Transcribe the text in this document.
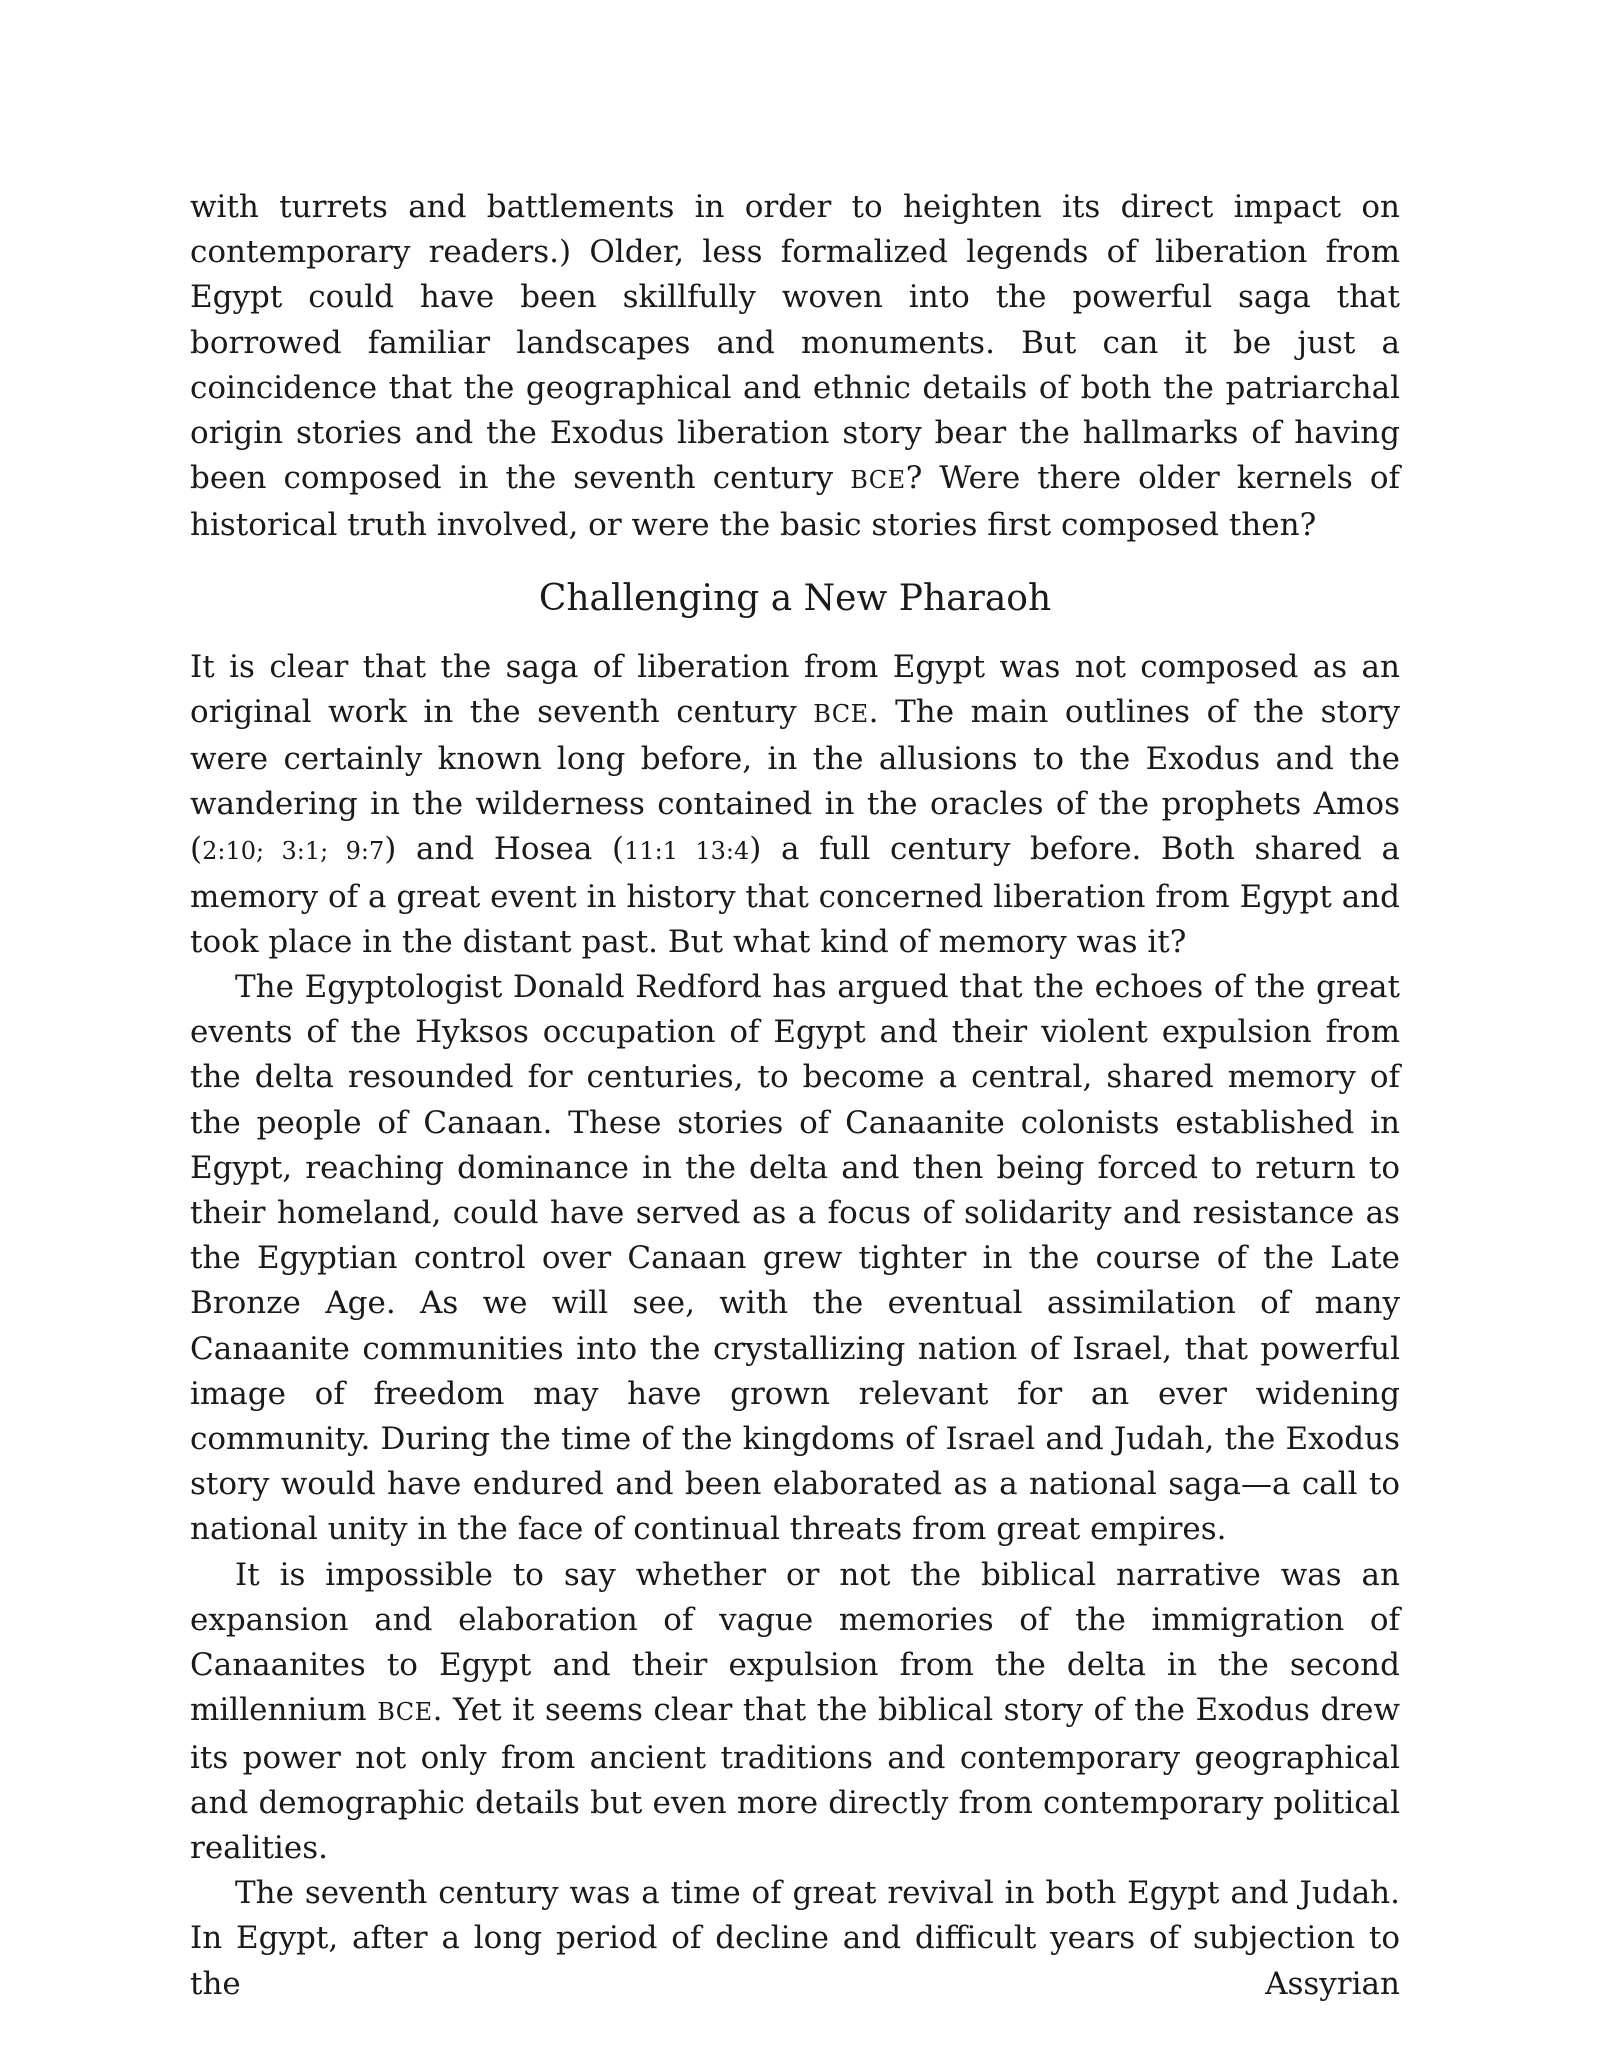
with turrets and battlements in order to heighten its direct impact on contemporary readers.) Older, less formalized legends of liberation from Egypt could have been skillfully woven into the powerful saga that borrowed familiar landscapes and monuments. But can it be just a coincidence that the geographical and ethnic details of both the patriarchal origin stories and the Exodus liberation story bear the hallmarks of having been composed in the seventh century BCE? Were there older kernels of historical truth involved, or were the basic stories first composed then?

Challenging a New Pharaoh

It is clear that the saga of liberation from Egypt was not composed as an original work in the seventh century BCE. The main outlines of the story were certainly known long before, in the allusions to the Exodus and the wandering in the wilderness contained in the oracles of the prophets Amos (2:10; 3:1; 9:7) and Hosea (11:1 13:4) a full century before. Both shared a memory of a great event in history that concerned liberation from Egypt and took place in the distant past. But what kind of memory was it?

The Egyptologist Donald Redford has argued that the echoes of the great events of the Hyksos occupation of Egypt and their violent expulsion from the delta resounded for centuries, to become a central, shared memory of the people of Canaan. These stories of Canaanite colonists established in Egypt, reaching dominance in the delta and then being forced to return to their homeland, could have served as a focus of solidarity and resistance as the Egyptian control over Canaan grew tighter in the course of the Late Bronze Age. As we will see, with the eventual assimilation of many Canaanite communities into the crystallizing nation of Israel, that powerful image of freedom may have grown relevant for an ever widening community. During the time of the kingdoms of Israel and Judah, the Exodus story would have endured and been elaborated as a national saga—a call to national unity in the face of continual threats from great empires.

It is impossible to say whether or not the biblical narrative was an expansion and elaboration of vague memories of the immigration of Canaanites to Egypt and their expulsion from the delta in the second millennium BCE. Yet it seems clear that the biblical story of the Exodus drew its power not only from ancient traditions and contemporary geographical and demographic details but even more directly from contemporary political realities.

The seventh century was a time of great revival in both Egypt and Judah. In Egypt, after a long period of decline and difficult years of subjection to the Assyrian
